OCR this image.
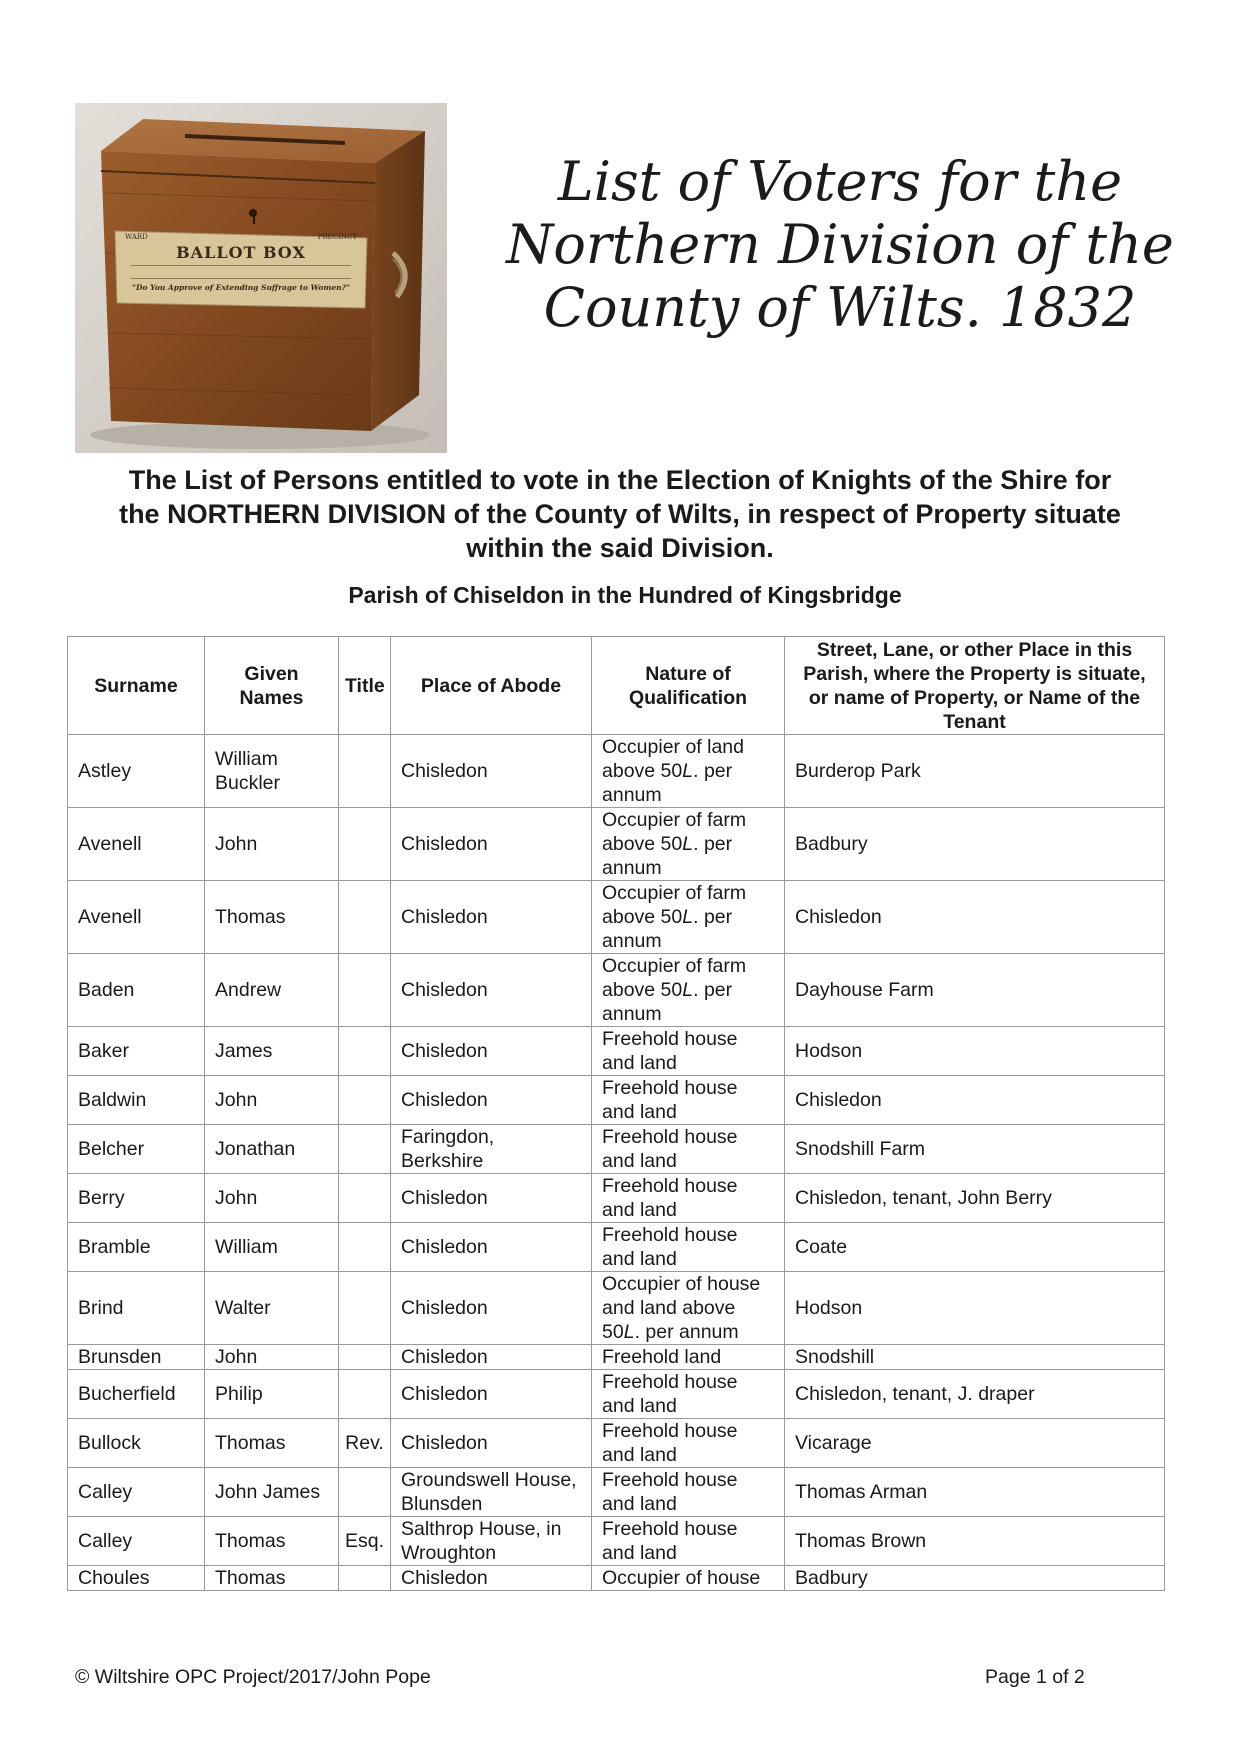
WARD	PRECINCT
BALLOT BOX
"Do You Approve of Extending Suffrage to Women?"
List of Voters for the
Northern Division of the
County of Wilts. 1832
The List of Persons entitled to vote in the Election of Knights of the Shire for
the NORTHERN DIVISION of the County of Wilts, in respect of Property situate
within the said Division.
Parish of Chiseldon in the Hundred of Kingsbridge
Surname	Given Names	Title	Place of Abode	Nature of Qualification	Street, Lane, or other Place in this Parish, where the Property is situate, or name of Property, or Name of the Tenant
Astley	William Buckler		Chisledon	Occupier of land above 50L. per annum	Burderop Park
Avenell	John		Chisledon	Occupier of farm above 50L. per annum	Badbury
Avenell	Thomas		Chisledon	Occupier of farm above 50L. per annum	Chisledon
Baden	Andrew		Chisledon	Occupier of farm above 50L. per annum	Dayhouse Farm
Baker	James		Chisledon	Freehold house and land	Hodson
Baldwin	John		Chisledon	Freehold house and land	Chisledon
Belcher	Jonathan		Faringdon, Berkshire	Freehold house and land	Snodshill Farm
Berry	John		Chisledon	Freehold house and land	Chisledon, tenant, John Berry
Bramble	William		Chisledon	Freehold house and land	Coate
Brind	Walter		Chisledon	Occupier of house and land above 50L. per annum	Hodson
Brunsden	John		Chisledon	Freehold land	Snodshill
Bucherfield	Philip		Chisledon	Freehold house and land	Chisledon, tenant, J. draper
Bullock	Thomas	Rev.	Chisledon	Freehold house and land	Vicarage
Calley	John James		Groundswell House, Blunsden	Freehold house and land	Thomas Arman
Calley	Thomas	Esq.	Salthrop House, in Wroughton	Freehold house and land	Thomas Brown
Choules	Thomas		Chisledon	Occupier of house	Badbury
© Wiltshire OPC Project/2017/John Pope	Page 1 of 2
